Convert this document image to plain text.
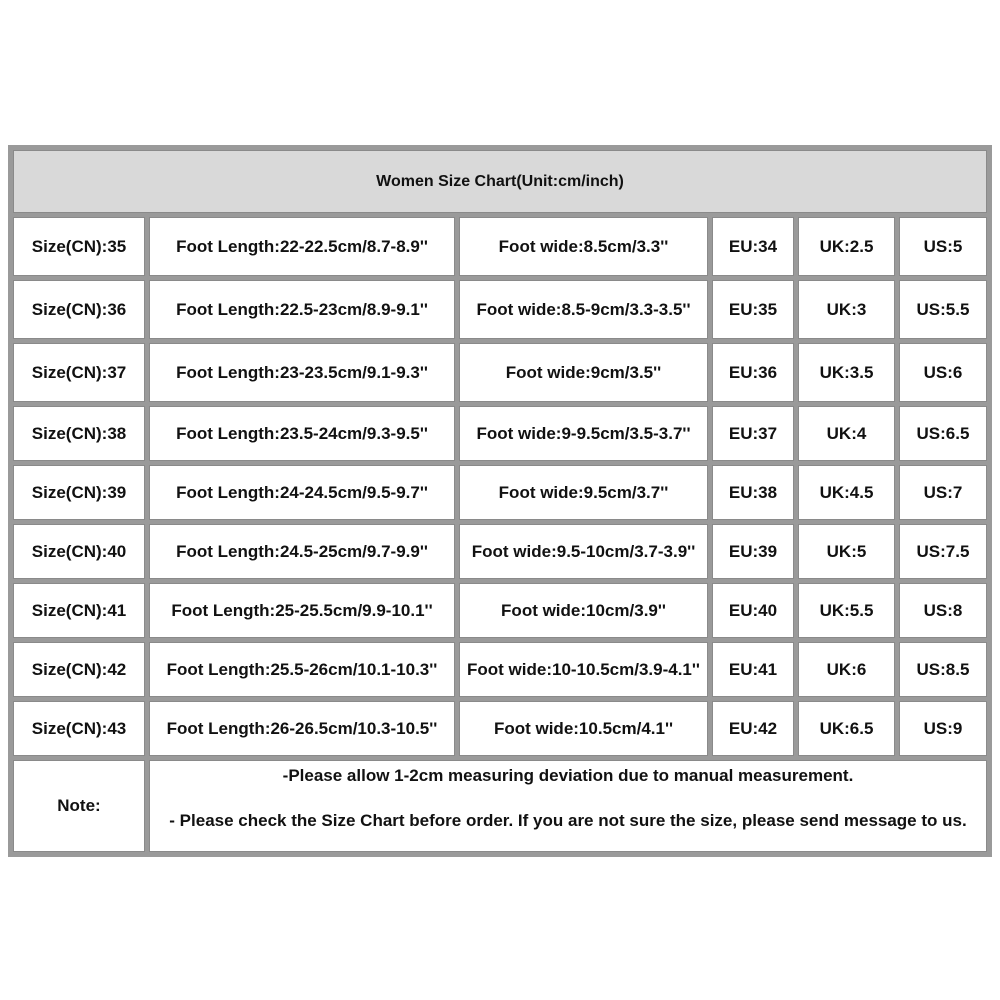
Women Size Chart(Unit:cm/inch)
Size(CN):35	Foot Length:22-22.5cm/8.7-8.9''	Foot wide:8.5cm/3.3''	EU:34	UK:2.5	US:5
Size(CN):36	Foot Length:22.5-23cm/8.9-9.1''	Foot wide:8.5-9cm/3.3-3.5''	EU:35	UK:3	US:5.5
Size(CN):37	Foot Length:23-23.5cm/9.1-9.3''	Foot wide:9cm/3.5''	EU:36	UK:3.5	US:6
Size(CN):38	Foot Length:23.5-24cm/9.3-9.5''	Foot wide:9-9.5cm/3.5-3.7''	EU:37	UK:4	US:6.5
Size(CN):39	Foot Length:24-24.5cm/9.5-9.7''	Foot wide:9.5cm/3.7''	EU:38	UK:4.5	US:7
Size(CN):40	Foot Length:24.5-25cm/9.7-9.9''	Foot wide:9.5-10cm/3.7-3.9''	EU:39	UK:5	US:7.5
Size(CN):41	Foot Length:25-25.5cm/9.9-10.1''	Foot wide:10cm/3.9''	EU:40	UK:5.5	US:8
Size(CN):42	Foot Length:25.5-26cm/10.1-10.3''	Foot wide:10-10.5cm/3.9-4.1''	EU:41	UK:6	US:8.5
Size(CN):43	Foot Length:26-26.5cm/10.3-10.5''	Foot wide:10.5cm/4.1''	EU:42	UK:6.5	US:9
Note:

-Please allow 1-2cm measuring deviation due to manual measurement.

- Please check the Size Chart before order. If you are not sure the size, please send message to us.
